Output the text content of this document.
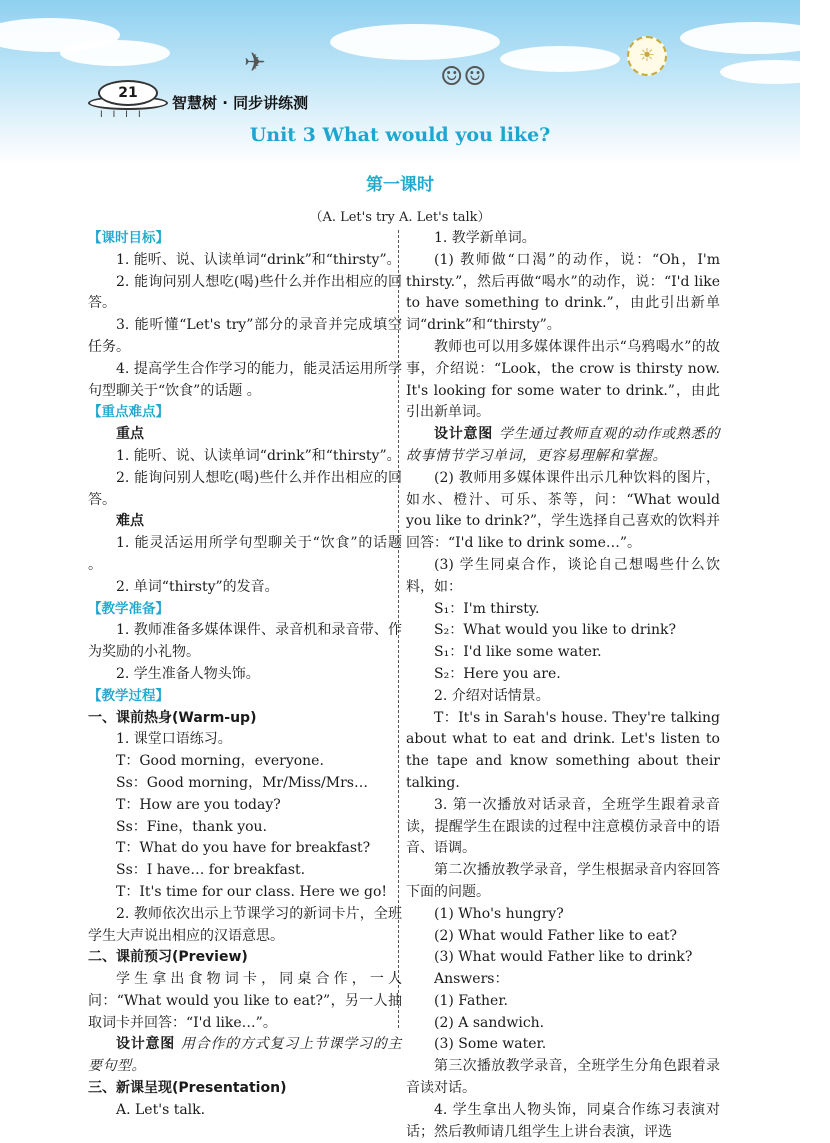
✈	☺☺
☀
21
ⅠⅠⅠⅠ
智慧树 · 同步讲练测
Unit 3 What would you like?
第一课时
（A. Let's try A. Let's talk）

【课时目标】

1. 能听、说、认读单词“drink”和“thirsty”。

2. 能询问别人想吃(喝)些什么并作出相应的回答。

3. 能听懂“Let's try”部分的录音并完成填空任务。

4. 提高学生合作学习的能力，能灵活运用所学句型聊关于“饮食”的话题 。

【重点难点】

重点

1. 能听、说、认读单词“drink”和“thirsty”。

2. 能询问别人想吃(喝)些什么并作出相应的回答。

难点

1. 能灵活运用所学句型聊关于“饮食”的话题 。

2. 单词“thirsty”的发音。

【教学准备】

1. 教师准备多媒体课件、录音机和录音带、作为奖励的小礼物。

2. 学生准备人物头饰。

【教学过程】

一、课前热身(Warm-up)

1. 课堂口语练习。

T：Good morning，everyone.

Ss：Good morning，Mr/Miss/Mrs…

T：How are you today?

Ss：Fine，thank you.

T：What do you have for breakfast?

Ss：I have… for breakfast.

T：It's time for our class. Here we go!

2. 教师依次出示上节课学习的新词卡片，全班学生大声说出相应的汉语意思。

二、课前预习(Preview)

学生拿出食物词卡，同桌合作，一人问：“What would you like to eat?”，另一人抽取词卡并回答：“I'd like…”。

设计意图 用合作的方式复习上节课学习的主要句型。

三、新课呈现(Presentation)

A. Let's talk.

1. 教学新单词。

(1) 教师做“口渴”的动作，说：“Oh，I'm thirsty.”，然后再做“喝水”的动作，说：“I'd like to have something to drink.”，由此引出新单词“drink”和“thirsty”。

教师也可以用多媒体课件出示“乌鸦喝水”的故事，介绍说：“Look，the crow is thirsty now. It's looking for some water to drink.”，由此引出新单词。

设计意图 学生通过教师直观的动作或熟悉的故事情节学习单词，更容易理解和掌握。

(2) 教师用多媒体课件出示几种饮料的图片，如水、橙汁、可乐、茶等，问：“What would you like to drink?”，学生选择自己喜欢的饮料并回答：“I'd like to drink some…”。

(3) 学生同桌合作，谈论自己想喝些什么饮料，如：

S₁：I'm thirsty.

S₂：What would you like to drink?

S₁：I'd like some water.

S₂：Here you are.

2. 介绍对话情景。

T：It's in Sarah's house. They're talking about what to eat and drink. Let's listen to the tape and know something about their talking.

3. 第一次播放对话录音，全班学生跟着录音读，提醒学生在跟读的过程中注意模仿录音中的语音、语调。

第二次播放教学录音，学生根据录音内容回答下面的问题。

(1) Who's hungry?

(2) What would Father like to eat?

(3) What would Father like to drink?

Answers：

(1) Father.

(2) A sandwich.

(3) Some water.

第三次播放教学录音，全班学生分角色跟着录音读对话。

4. 学生拿出人物头饰，同桌合作练习表演对话；然后教师请几组学生上讲台表演，评选
